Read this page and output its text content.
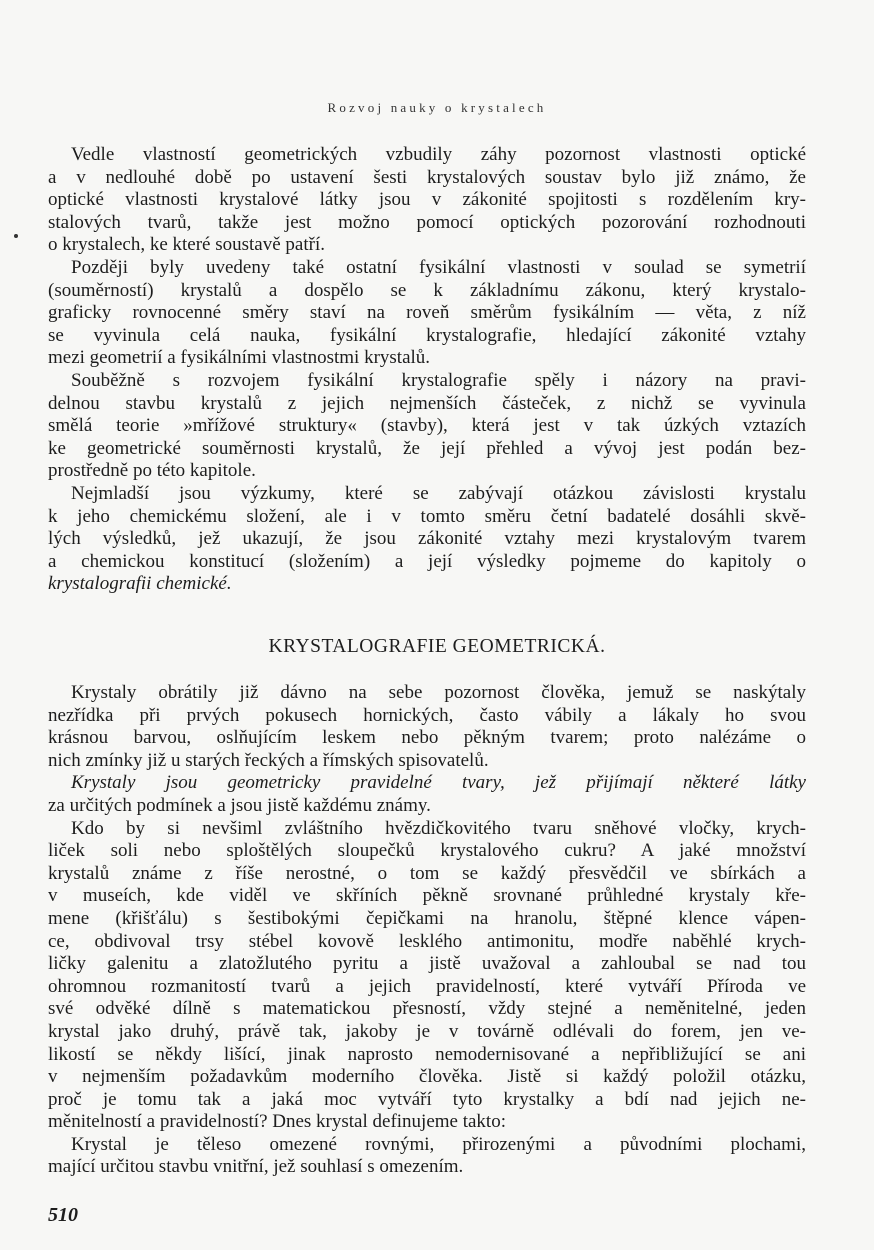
Rozvoj nauky o krystalech
Vedle vlastností geometrických vzbudily záhy pozornost vlastnosti optické
a v nedlouhé době po ustavení šesti krystalových soustav bylo již známo, že
optické vlastnosti krystalové látky jsou v zákonité spojitosti s rozdělením kry-
stalových tvarů, takže jest možno pomocí optických pozorování rozhodnouti
o krystalech, ke které soustavě patří.
Později byly uvedeny také ostatní fysikální vlastnosti v soulad se symetrií
(souměrností) krystalů a dospělo se k základnímu zákonu, který krystalo-
graficky rovnocenné směry staví na roveň směrům fysikálním — věta, z níž
se vyvinula celá nauka, fysikální krystalografie, hledající zákonité vztahy
mezi geometrií a fysikálními vlastnostmi krystalů.
Souběžně s rozvojem fysikální krystalografie spěly i názory na pravi-
delnou stavbu krystalů z jejich nejmenších částeček, z nichž se vyvinula
smělá teorie »mřížové struktury« (stavby), která jest v tak úzkých vztazích
ke geometrické souměrnosti krystalů, že její přehled a vývoj jest podán bez-
prostředně po této kapitole.
Nejmladší jsou výzkumy, které se zabývají otázkou závislosti krystalu
k jeho chemickému složení, ale i v tomto směru četní badatelé dosáhli skvě-
lých výsledků, jež ukazují, že jsou zákonité vztahy mezi krystalovým tvarem
a chemickou konstitucí (složením) a její výsledky pojmeme do kapitoly o
krystalografii chemické.
KRYSTALOGRAFIE GEOMETRICKÁ.
Krystaly obrátily již dávno na sebe pozornost člověka, jemuž se naskýtaly
nezřídka při prvých pokusech hornických, často vábily a lákaly ho svou
krásnou barvou, oslňujícím leskem nebo pěkným tvarem; proto nalézáme o
nich zmínky již u starých řeckých a římských spisovatelů.
Krystaly jsou geometricky pravidelné tvary, jež přijímají některé látky
za určitých podmínek a jsou jistě každému známy.
Kdo by si nevšiml zvláštního hvězdičkovitého tvaru sněhové vločky, krych-
liček soli nebo sploštělých sloupečků krystalového cukru? A jaké množství
krystalů známe z říše nerostné, o tom se každý přesvědčil ve sbírkách a
v museích, kde viděl ve skříních pěkně srovnané průhledné krystaly kře-
mene (křišťálu) s šestibokými čepičkami na hranolu, štěpné klence vápen-
ce, obdivoval trsy stébel kovově lesklého antimonitu, modře naběhlé krych-
ličky galenitu a zlatožlutého pyritu a jistě uvažoval a zahloubal se nad tou
ohromnou rozmanitostí tvarů a jejich pravidelností, které vytváří Příroda ve
své odvěké dílně s matematickou přesností, vždy stejné a neměnitelné, jeden
krystal jako druhý, právě tak, jakoby je v továrně odlévali do forem, jen ve-
likostí se někdy lišící, jinak naprosto nemodernisované a nepřibližující se ani
v nejmenším požadavkům moderního člověka. Jistě si každý položil otázku,
proč je tomu tak a jaká moc vytváří tyto krystalky a bdí nad jejich ne-
měnitelností a pravidelností? Dnes krystal definujeme takto:
Krystal je těleso omezené rovnými, přirozenými a původními plochami,
mající určitou stavbu vnitřní, jež souhlasí s omezením.
510
